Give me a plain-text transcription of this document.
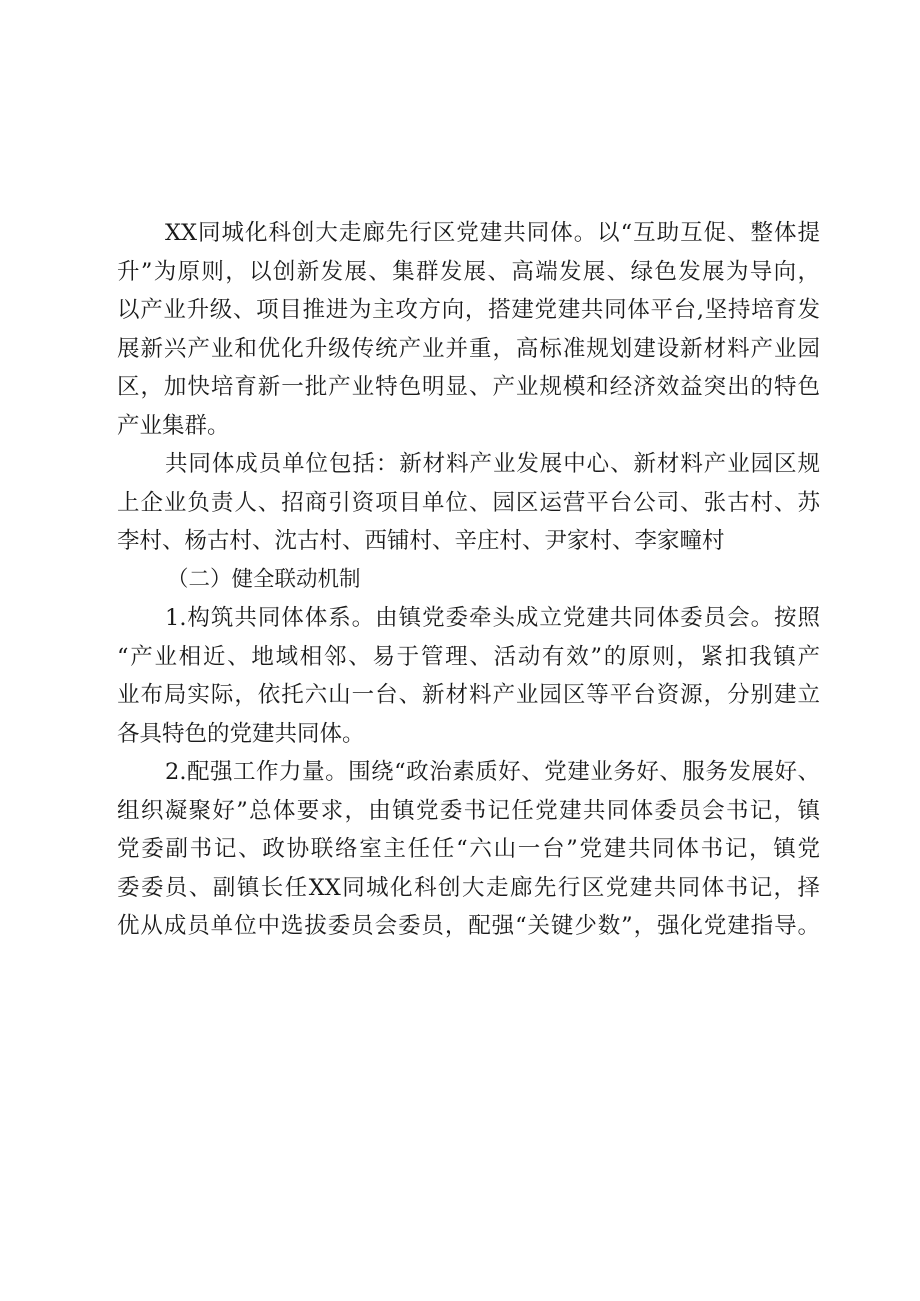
XX同城化科创大走廊先行区党建共同体。以“互助互促、整体提
升”为原则，以创新发展、集群发展、高端发展、绿色发展为导向，
以产业升级、项目推进为主攻方向，搭建党建共同体平台,坚持培育发
展新兴产业和优化升级传统产业并重，高标准规划建设新材料产业园
区，加快培育新一批产业特色明显、产业规模和经济效益突出的特色
产业集群。
共同体成员单位包括：新材料产业发展中心、新材料产业园区规
上企业负责人、招商引资项目单位、园区运营平台公司、张古村、苏
李村、杨古村、沈古村、西铺村、辛庄村、尹家村、李家疃村
（二）健全联动机制
1.构筑共同体体系。由镇党委牵头成立党建共同体委员会。按照
“产业相近、地域相邻、易于管理、活动有效”的原则，紧扣我镇产
业布局实际，依托六山一台、新材料产业园区等平台资源，分别建立
各具特色的党建共同体。
2.配强工作力量。围绕“政治素质好、党建业务好、服务发展好、
组织凝聚好”总体要求，由镇党委书记任党建共同体委员会书记，镇
党委副书记、政协联络室主任任“六山一台”党建共同体书记，镇党
委委员、副镇长任XX同城化科创大走廊先行区党建共同体书记，择
优从成员单位中选拔委员会委员，配强“关键少数”，强化党建指导。
